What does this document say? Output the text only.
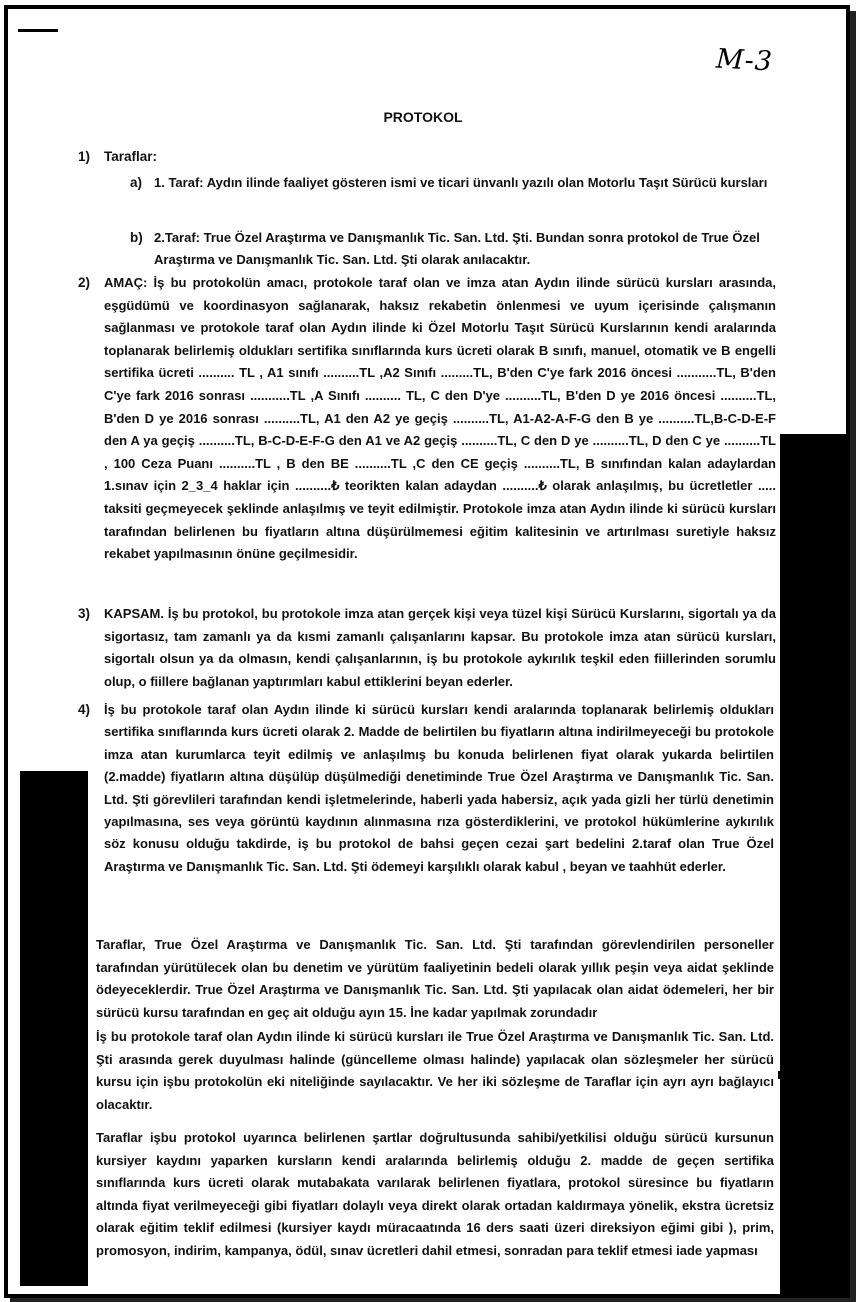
M-3
PROTOKOL
1) Taraflar:
a) 1. Taraf: Aydın ilinde faaliyet gösteren ismi ve ticari ünvanlı yazılı olan Motorlu Taşıt Sürücü kursları

b) 2.Taraf: True Özel Araştırma ve Danışmanlık Tic. San. Ltd. Şti. Bundan sonra protokol de True Özel Araştırma ve Danışmanlık Tic. San. Ltd. Şti olarak anılacaktır.

2) AMAÇ: İş bu protokolün amacı, protokole taraf olan ve imza atan Aydın ilinde sürücü kursları arasında, eşgüdümü ve koordinasyon sağlanarak, haksız rekabetin önlenmesi ve uyum içerisinde çalışmanın sağlanması ve protokole taraf olan Aydın ilinde ki Özel Motorlu Taşıt Sürücü Kurslarının kendi aralarında toplanarak belirlemiş oldukları sertifika sınıflarında kurs ücreti olarak B sınıfı, manuel, otomatik ve B engelli sertifika ücreti .......... TL , A1 sınıfı ..........TL ,A2 Sınıfı .........TL, B'den C'ye fark 2016 öncesi ...........TL, B'den C'ye fark 2016 sonrası ...........TL ,A Sınıfı .......... TL, C den D'ye ..........TL, B'den D ye 2016 öncesi ..........TL, B'den D ye 2016 sonrası ..........TL, A1 den A2 ye geçiş ..........TL, A1-A2-A-F-G den B ye ..........TL,B-C-D-E-F den A ya geçiş ..........TL, B-C-D-E-F-G den A1 ve A2 geçiş ..........TL, C den D ye ..........TL, D den C ye ..........TL , 100 Ceza Puanı ..........TL , B den BE ..........TL ,C den CE geçiş ..........TL, B sınıfından kalan adaylardan 1.sınav için 2_3_4 haklar için ..........₺ teorikten kalan adaydan ..........₺ olarak anlaşılmış, bu ücretletler ..... taksiti geçmeyecek şeklinde anlaşılmış ve teyit edilmiştir. Protokole imza atan Aydın ilinde ki sürücü kursları tarafından belirlenen bu fiyatların altına düşürülmemesi eğitim kalitesinin ve artırılması suretiyle haksız rekabet yapılmasının önüne geçilmesidir.

3) KAPSAM. İş bu protokol, bu protokole imza atan gerçek kişi veya tüzel kişi Sürücü Kurslarını, sigortalı ya da sigortasız, tam zamanlı ya da kısmi zamanlı çalışanlarını kapsar. Bu protokole imza atan sürücü kursları, sigortalı olsun ya da olmasın, kendi çalışanlarının, iş bu protokole aykırılık teşkil eden fiillerinden sorumlu olup, o fiillere bağlanan yaptırımları kabul ettiklerini beyan ederler.

4) İş bu protokole taraf olan Aydın ilinde ki sürücü kursları kendi aralarında toplanarak belirlemiş oldukları sertifika sınıflarında kurs ücreti olarak 2. Madde de belirtilen bu fiyatların altına indirilmeyeceği bu protokole imza atan kurumlarca teyit edilmiş ve anlaşılmış bu konuda belirlenen fiyat olarak yukarda belirtilen (2.madde) fiyatların altına düşülüp düşülmediği denetiminde True Özel Araştırma ve Danışmanlık Tic. San. Ltd. Şti görevlileri tarafından kendi işletmelerinde, haberli yada habersiz, açık yada gizli her türlü denetimin yapılmasına, ses veya görüntü kaydının alınmasına rıza gösterdiklerini, ve protokol hükümlerine aykırılık söz konusu olduğu takdirde, iş bu protokol de bahsi geçen cezai şart bedelini 2.taraf olan True Özel Araştırma ve Danışmanlık Tic. San. Ltd. Şti ödemeyi karşılıklı olarak kabul , beyan ve taahhüt ederler.

Taraflar, True Özel Araştırma ve Danışmanlık Tic. San. Ltd. Şti tarafından görevlendirilen personeller tarafından yürütülecek olan bu denetim ve yürütüm faaliyetinin bedeli olarak yıllık peşin veya aidat şeklinde ödeyeceklerdir. True Özel Araştırma ve Danışmanlık Tic. San. Ltd. Şti yapılacak olan aidat ödemeleri, her bir sürücü kursu tarafından en geç ait olduğu ayın 15. İne kadar yapılmak zorundadır

İş bu protokole taraf olan Aydın ilinde ki sürücü kursları ile True Özel Araştırma ve Danışmanlık Tic. San. Ltd. Şti arasında gerek duyulması halinde (güncelleme olması halinde) yapılacak olan sözleşmeler her sürücü kursu için işbu protokolün eki niteliğinde sayılacaktır. Ve her iki sözleşme de Taraflar için ayrı ayrı bağlayıcı olacaktır.

Taraflar işbu protokol uyarınca belirlenen şartlar doğrultusunda sahibi/yetkilisi olduğu sürücü kursunun kursiyer kaydını yaparken kursların kendi aralarında belirlemiş olduğu 2. madde de geçen sertifika sınıflarında kurs ücreti olarak mutabakata varılarak belirlenen fiyatlara, protokol süresince bu fiyatların altında fiyat verilmeyeceği gibi fiyatları dolaylı veya direkt olarak ortadan kaldırmaya yönelik, ekstra ücretsiz olarak eğitim teklif edilmesi (kursiyer kaydı müracaatında 16 ders saati üzeri direksiyon eğimi gibi ), prim, promosyon, indirim, kampanya, ödül, sınav ücretleri dahil etmesi, sonradan para teklif etmesi iade yapması
